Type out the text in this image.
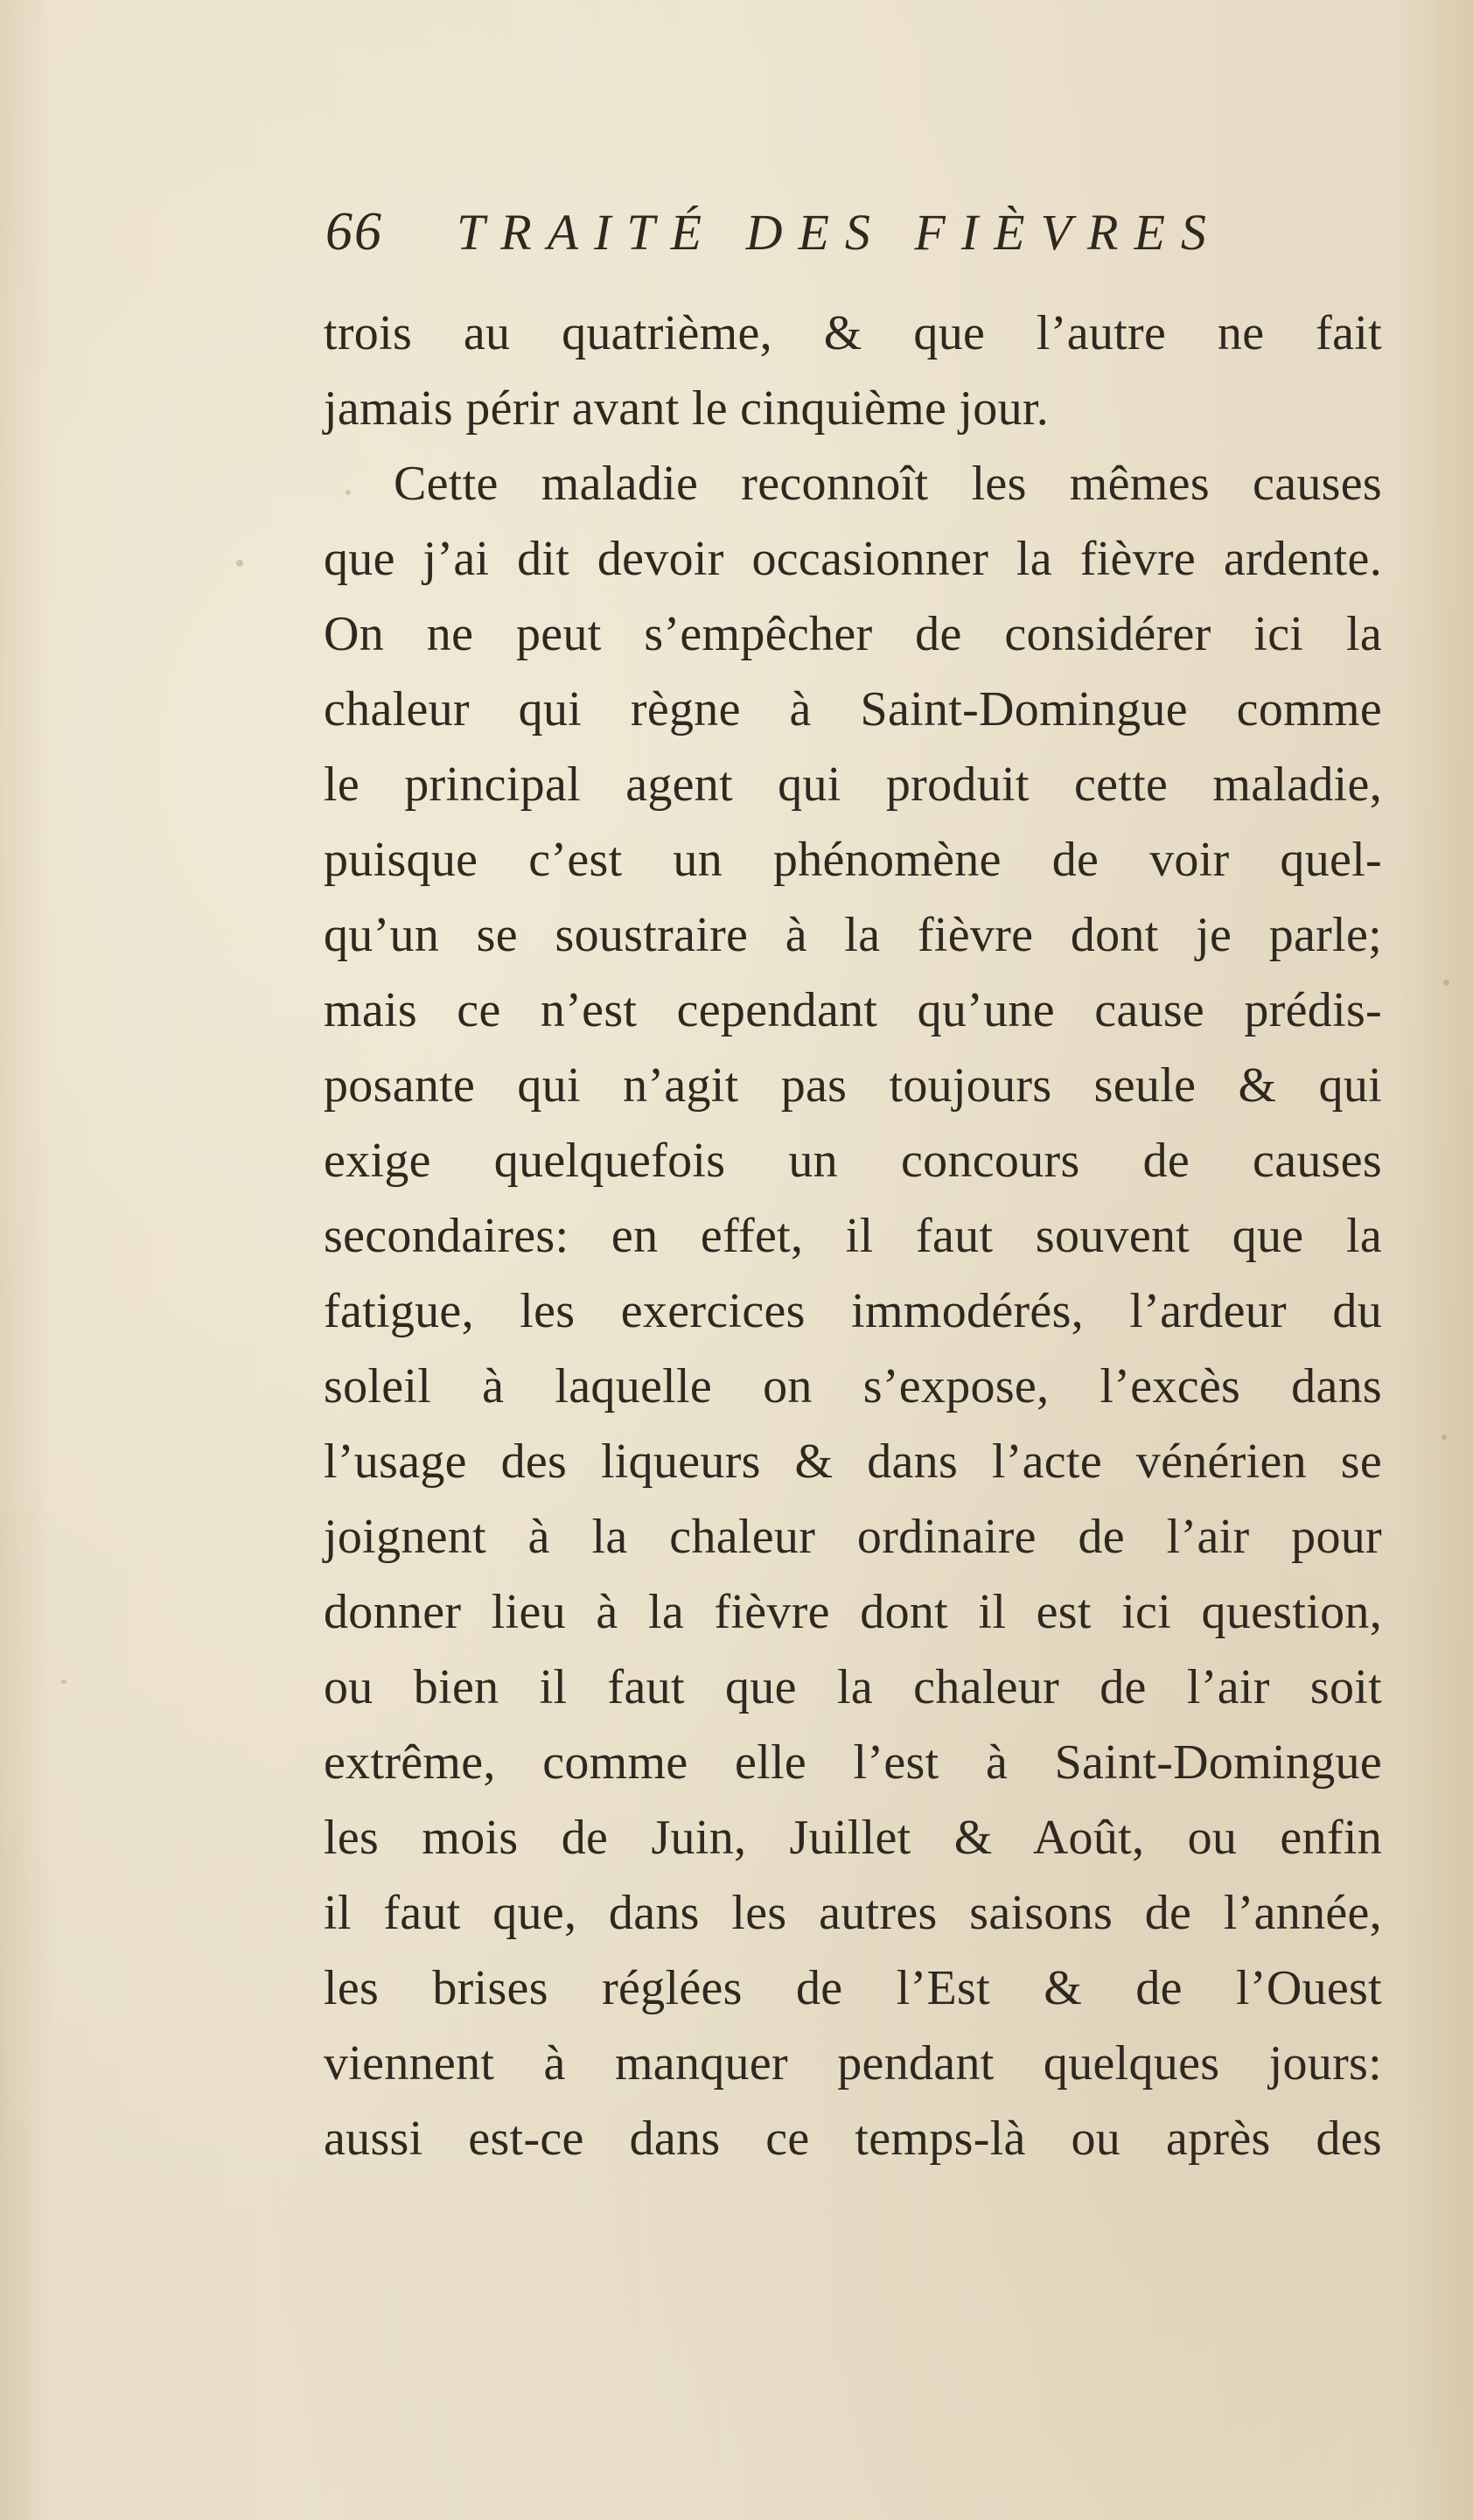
66	TRAITÉ DES FIÈVRES
trois au quatrième, & que l’autre ne fait
jamais périr avant le cinquième jour.
Cette maladie reconnoît les mêmes causes
que j’ai dit devoir occasionner la fièvre ardente.
On ne peut s’empêcher de considérer ici la
chaleur qui règne à Saint-Domingue comme
le principal agent qui produit cette maladie,
puisque c’est un phénomène de voir quel-
qu’un se soustraire à la fièvre dont je parle;
mais ce n’est cependant qu’une cause prédis-
posante qui n’agit pas toujours seule & qui
exige quelquefois un concours de causes
secondaires: en effet, il faut souvent que la
fatigue, les exercices immodérés, l’ardeur du
soleil à laquelle on s’expose, l’excès dans
l’usage des liqueurs & dans l’acte vénérien se
joignent à la chaleur ordinaire de l’air pour
donner lieu à la fièvre dont il est ici question,
ou bien il faut que la chaleur de l’air soit
extrême, comme elle l’est à Saint-Domingue
les mois de Juin, Juillet & Août, ou enfin
il faut que, dans les autres saisons de l’année,
les brises réglées de l’Est & de l’Ouest
viennent à manquer pendant quelques jours:
aussi est-ce dans ce temps-là ou après des
